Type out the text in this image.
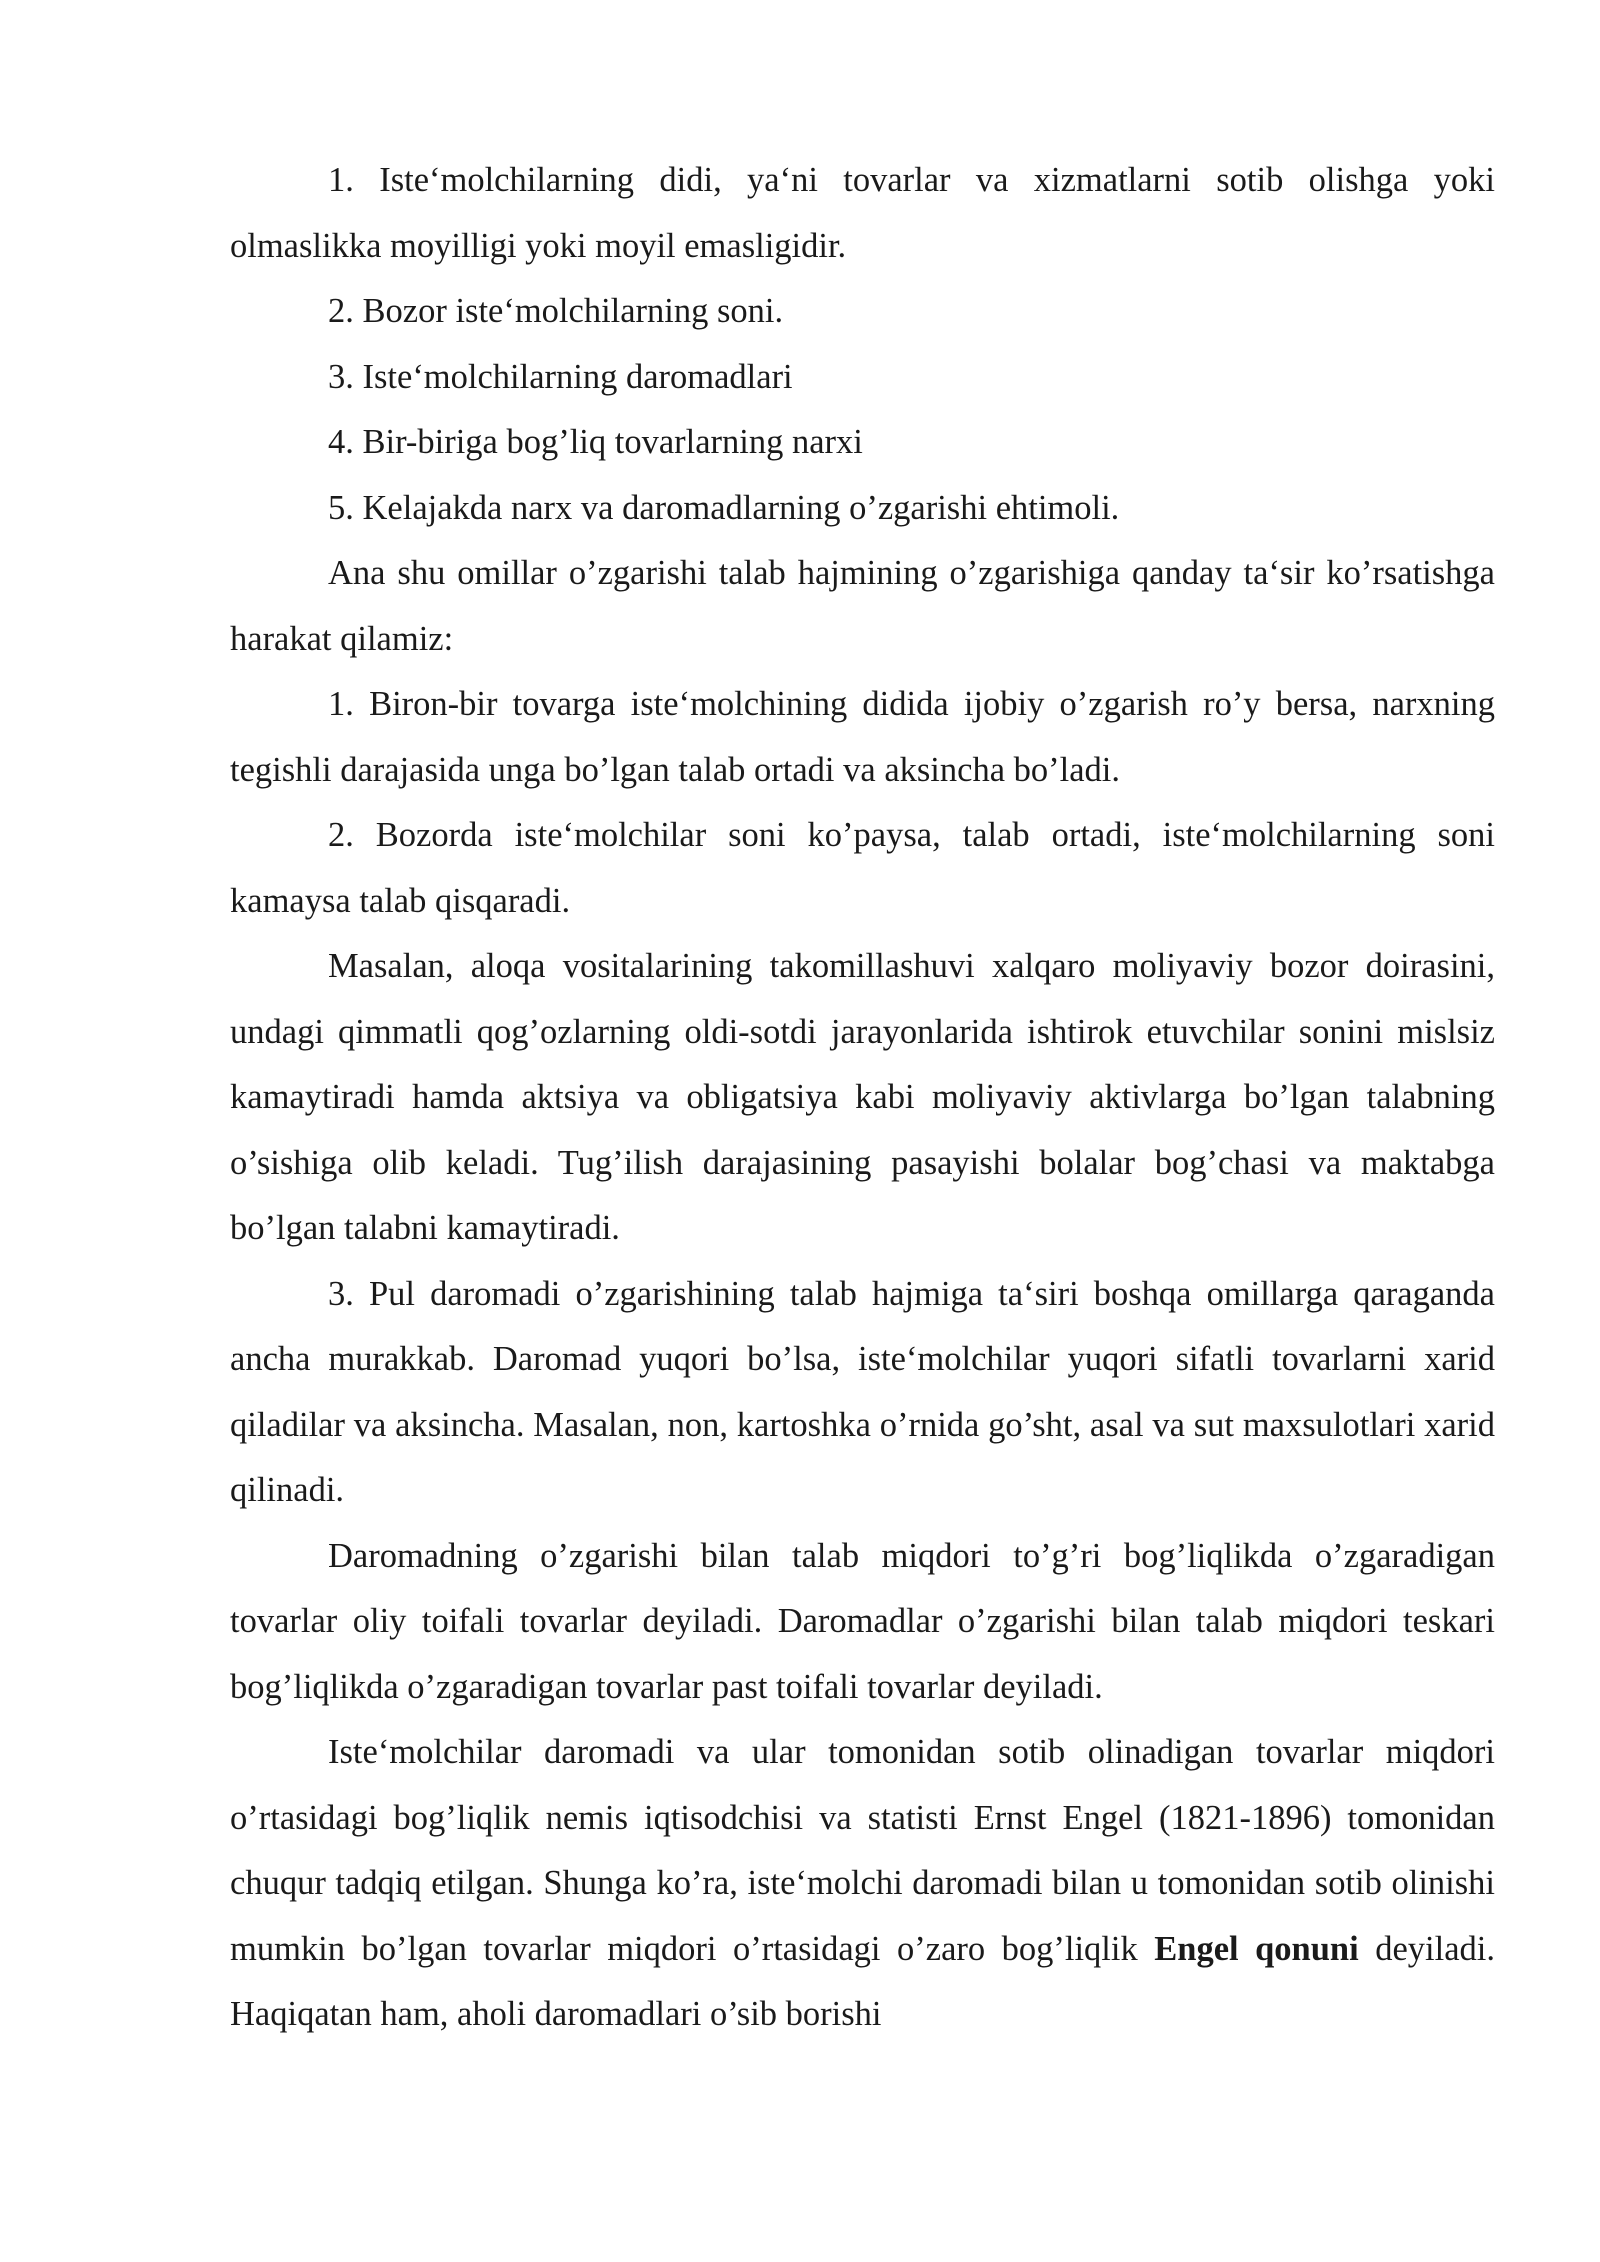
1. Iste‘molchilarning didi, ya‘ni tovarlar va xizmatlarni sotib olishga yoki olmaslikka moyilligi yoki moyil emasligidir.

2. Bozor iste‘molchilarning soni.

3. Iste‘molchilarning daromadlari

4. Bir-biriga bog’liq tovarlarning narxi

5. Kelajakda narx va daromadlarning o’zgarishi ehtimoli.

Ana shu omillar o’zgarishi talab hajmining o’zgarishiga qanday ta‘sir ko’rsatishga harakat qilamiz:

1. Biron-bir tovarga iste‘molchining didida ijobiy o’zgarish ro’y bersa, narxning tegishli darajasida unga bo’lgan talab ortadi va aksincha bo’ladi.

2. Bozorda iste‘molchilar soni ko’paysa, talab ortadi, iste‘molchilarning soni kamaysa talab qisqaradi.

Masalan, aloqa vositalarining takomillashuvi xalqaro moliyaviy bozor doirasini, undagi qimmatli qog’ozlarning oldi-sotdi jarayonlarida ishtirok etuvchilar sonini mislsiz kamaytiradi hamda aktsiya va obligatsiya kabi moliyaviy aktivlarga bo’lgan talabning o’sishiga olib keladi. Tug’ilish darajasining pasayishi bolalar bog’chasi va maktabga bo’lgan talabni kamaytiradi.

3. Pul daromadi o’zgarishining talab hajmiga ta‘siri boshqa omillarga qaraganda ancha murakkab. Daromad yuqori bo’lsa, iste‘molchilar yuqori sifatli tovarlarni xarid qiladilar va aksincha. Masalan, non, kartoshka o’rnida go’sht, asal va sut maxsulotlari xarid qilinadi.

Daromadning o’zgarishi bilan talab miqdori to’g’ri bog’liqlikda o’zgaradigan tovarlar oliy toifali tovarlar deyiladi. Daromadlar o’zgarishi bilan talab miqdori teskari bog’liqlikda o’zgaradigan tovarlar past toifali tovarlar deyiladi.

Iste‘molchilar daromadi va ular tomonidan sotib olinadigan tovarlar miqdori o’rtasidagi bog’liqlik nemis iqtisodchisi va statisti Ernst Engel (1821-1896) tomonidan chuqur tadqiq etilgan. Shunga ko’ra, iste‘molchi daromadi bilan u tomonidan sotib olinishi mumkin bo’lgan tovarlar miqdori o’rtasidagi o’zaro bog’liqlik Engel qonuni deyiladi. Haqiqatan ham, aholi daromadlari o’sib borishi
